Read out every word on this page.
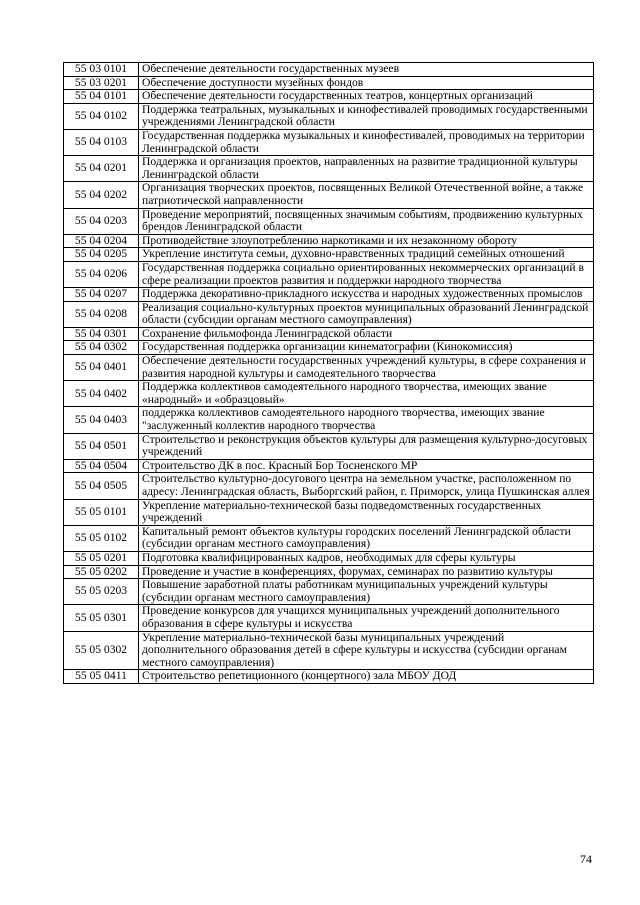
55 03 0101	Обеспечение деятельности государственных музеев
55 03 0201	Обеспечение доступности музейных фондов
55 04 0101	Обеспечение деятельности государственных театров, концертных организаций
55 04 0102	Поддержка театральных, музыкальных и кинофестивалей проводимых государственными учреждениями Ленинградской области
55 04 0103	Государственная поддержка музыкальных и кинофестивалей, проводимых на территории Ленинградской области
55 04 0201	Поддержка и организация проектов, направленных на развитие традиционной культуры Ленинградской области
55 04 0202	Организация творческих проектов, посвященных Великой Отечественной войне, а также патриотической направленности
55 04 0203	Проведение мероприятий, посвященных значимым событиям, продвижению культурных брендов Ленинградской области
55 04 0204	Противодействие злоупотреблению наркотиками и их незаконному обороту
55 04 0205	Укрепление института семьи, духовно-нравственных традиций семейных отношений
55 04 0206	Государственная поддержка социально ориентированных некоммерческих организаций в сфере реализации проектов развития и поддержки народного творчества
55 04 0207	Поддержка декоративно-прикладного искусства и народных художественных промыслов
55 04 0208	Реализация социально-культурных проектов муниципальных образований Ленинградской области (субсидии органам местного самоуправления)
55 04 0301	Сохранение фильмофонда Ленинградской области
55 04 0302	Государственная поддержка организации кинематографии (Кинокомиссия)
55 04 0401	Обеспечение деятельности государственных учреждений культуры, в сфере сохранения и развития народной культуры и самодеятельного творчества
55 04 0402	Поддержка коллективов самодеятельного народного творчества, имеющих звание «народный» и «образцовый»
55 04 0403	поддержка коллективов самодеятельного народного творчества, имеющих звание "заслуженный коллектив народного творчества
55 04 0501	Строительство и реконструкция объектов культуры для размещения культурно-досуговых учреждений
55 04 0504	Строительство ДК в пос. Красный Бор Тосненского МР
55 04 0505	Строительство культурно-досугового центра на земельном участке, расположенном по адресу: Ленинградская область, Выборгский район, г. Приморск, улица Пушкинская аллея
55 05 0101	Укрепление материально-технической базы подведомственных государственных учреждений
55 05 0102	Капитальный ремонт объектов культуры городских поселений Ленинградской области (субсидии органам местного самоуправления)
55 05 0201	Подготовка квалифицированных кадров, необходимых для сферы культуры
55 05 0202	Проведение и участие в конференциях, форумах, семинарах по развитию культуры
55 05 0203	Повышение заработной платы работникам муниципальных учреждений культуры (субсидии органам местного самоуправления)
55 05 0301	Проведение конкурсов для учащихся муниципальных учреждений дополнительного образования в сфере культуры и искусства
55 05 0302	Укрепление материально-технической базы муниципальных учреждений дополнительного образования детей в сфере культуры и искусства (субсидии органам местного самоуправления)
55 05 0411	Строительство репетиционного (концертного) зала МБОУ ДОД
74
